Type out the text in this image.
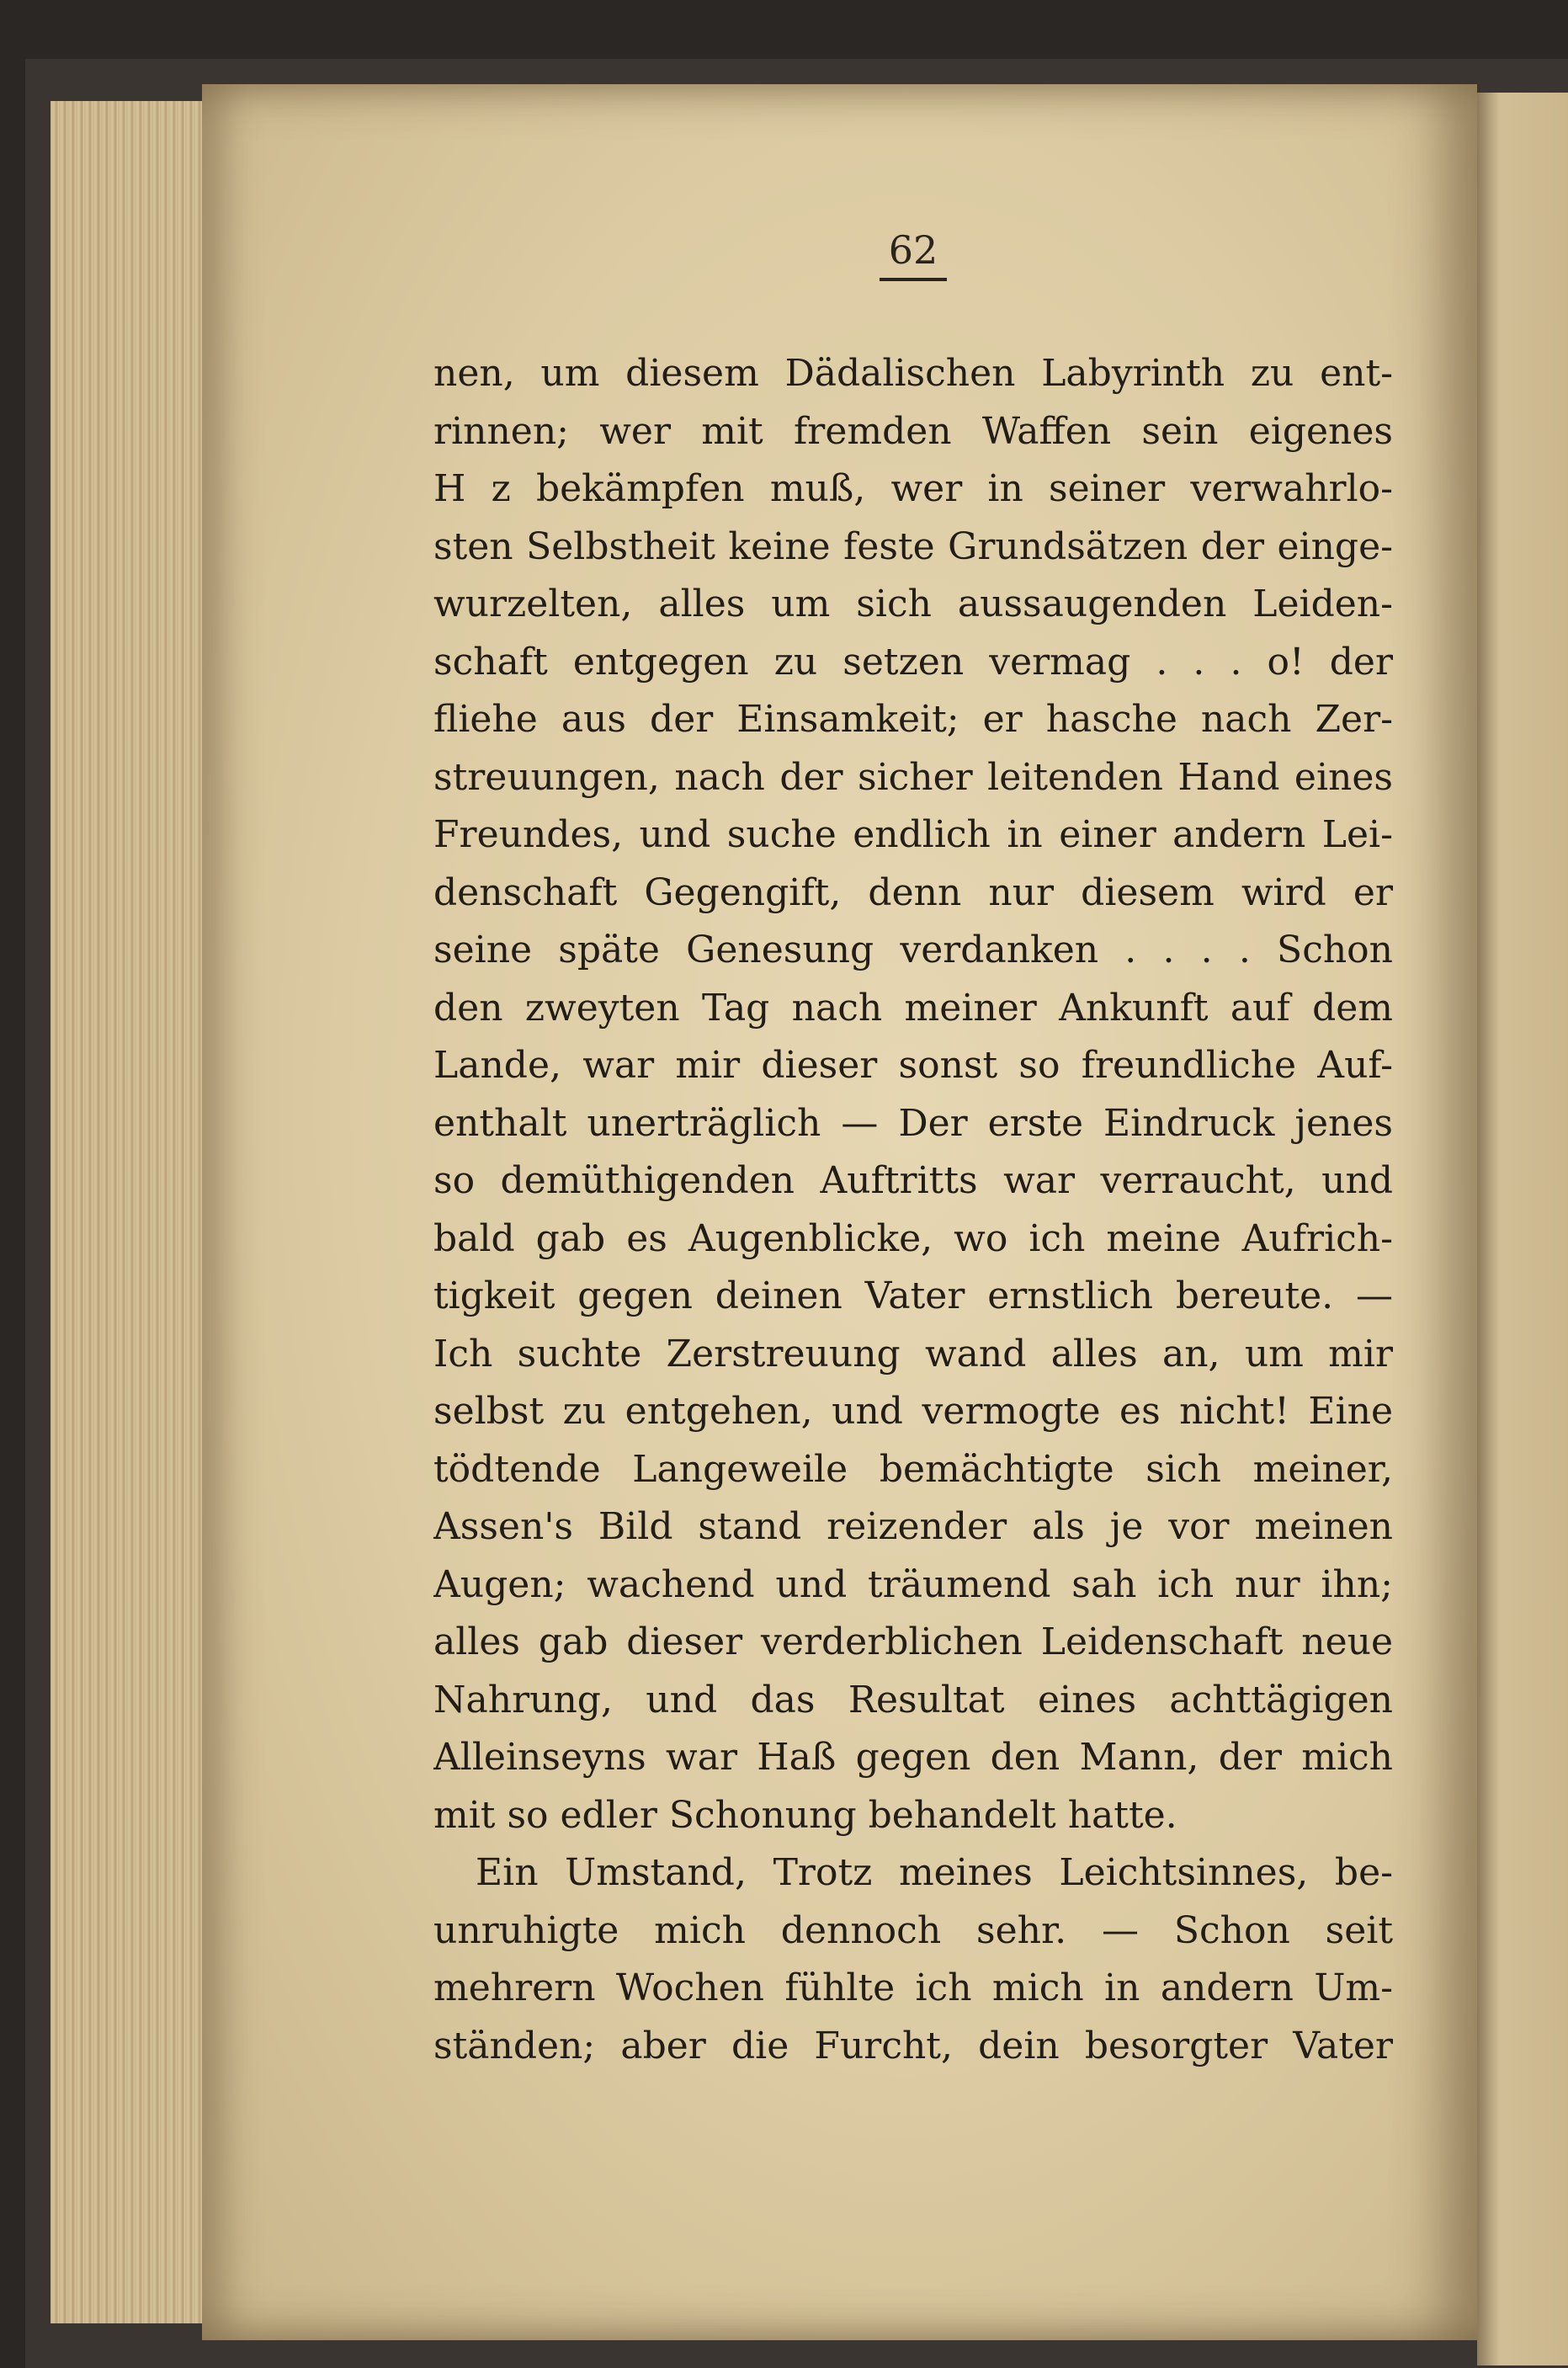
62
nen, um diesem Dädalischen Labyrinth zu ent-
rinnen; wer mit fremden Waffen sein eigenes
H z bekämpfen muß, wer in seiner verwahrlo-
sten Selbstheit keine feste Grundsätzen der einge-
wurzelten, alles um sich aussaugenden Leiden-
schaft entgegen zu setzen vermag . . . o! der
fliehe aus der Einsamkeit; er hasche nach Zer-
streuungen, nach der sicher leitenden Hand eines
Freundes, und suche endlich in einer andern Lei-
denschaft Gegengift, denn nur diesem wird er
seine späte Genesung verdanken . . . . Schon
den zweyten Tag nach meiner Ankunft auf dem
Lande, war mir dieser sonst so freundliche Auf-
enthalt unerträglich — Der erste Eindruck jenes
so demüthigenden Auftritts war verraucht, und
bald gab es Augenblicke, wo ich meine Aufrich-
tigkeit gegen deinen Vater ernstlich bereute. —
Ich suchte Zerstreuung wand alles an, um mir
selbst zu entgehen, und vermogte es nicht! Eine
tödtende Langeweile bemächtigte sich meiner,
Assen's Bild stand reizender als je vor meinen
Augen; wachend und träumend sah ich nur ihn;
alles gab dieser verderblichen Leidenschaft neue
Nahrung, und das Resultat eines achttägigen
Alleinseyns war Haß gegen den Mann, der mich
mit so edler Schonung behandelt hatte.
Ein Umstand, Trotz meines Leichtsinnes, be-
unruhigte mich dennoch sehr. — Schon seit
mehrern Wochen fühlte ich mich in andern Um-
ständen; aber die Furcht, dein besorgter Vater
